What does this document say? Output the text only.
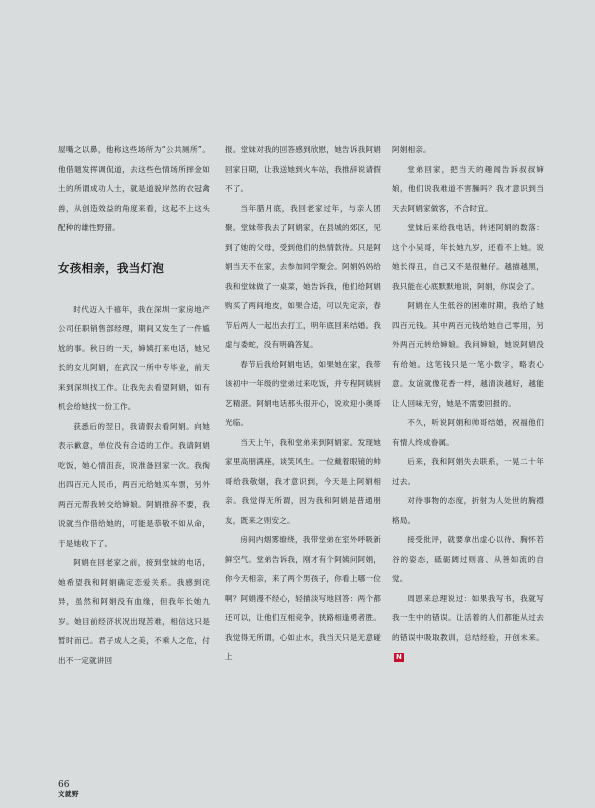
屋嘴之以鼻，他称这些场所为“公共厕所”。他借题发挥调侃道，去这些色情场所摔金如土的所谓成功人士，就是道貌岸然的衣冠禽兽，从创造效益的角度来看，这起不上这头配种的雄性野猪。

女孩相亲，我当灯泡

时代迈入千禧年，我在深圳一家房地产公司任职销售部经理，期间又发生了一件尴尬的事。秋日的一天，婶姨打来电话，她兄长的女儿阿娟，在武汉一所中专毕业，前天来到深圳找工作。让我先去看望阿娟，如有机会给她找一份工作。

获悉后的翌日，我请假去看阿娟。向她表示歉意，单位没有合适的工作。我请阿娟吃饭，她心情沮丧，说准备回家一次。我掏出四百元人民币，两百元给她买车票，另外两百元帮我转交给婶娘。阿娟推辞不要，我说就当作借给她的，可能是恭敬不如从命，于是她收下了。

阿娟在回老家之前，接到堂妹的电话，她希望我和阿娟确定恋爱关系。我感到诧异，虽然和阿娟没有血缘，但我年长她九岁。她目前经济状况出现苦难，相信这只是暂时而已。君子成人之美，不乘人之危，付出不一定就讲回

报。堂妹对我的回答感到欣慰，她告诉我阿娟回家日期，让我送她到火车站，我推辞说请假不了。

当年腊月底，我回老家过年，与亲人团聚。堂妹带我去了阿娟家，在县城的郊区，见到了她的父母，受到他们的热情款待。只是阿娟当天不在家，去参加同学聚会。阿娟妈妈给我和堂妹做了一桌菜，她告诉我，他们给阿娟购买了两间地皮，如果合适，可以先定亲，春节后两人一起出去打工，明年底回来结婚。我虚与委蛇，没有明确答复。

春节后我给阿娟电话，如果她在家，我带该初中一年级的堂弟过来吃饭，并专程阿姨厨艺精湛。阿娟电话那头很开心，说欢迎小奥哥光临。

当天上午，我和堂弟来到阿娟家。发现她家里高朋满座，谈笑风生。一位戴着眼镜的帅哥给我敬烟，我才意识到，今天是上阿娟相亲。我觉得无所谓，因为我和阿娟是普通朋友，既来之则安之。

房间内烟雾缭绕，我带堂弟在室外呼吸新鲜空气。堂弟告诉我，刚才有个阿姨问阿娟，你今天相亲，来了两个男孩子，你看上哪一位啊？阿娟漫不经心，轻描淡写地回答：两个都还可以，让他们互相竞争，狭路相逢勇者胜。我觉得无所谓，心如止水，我当天只是无意碰上

阿娟相亲。

堂弟回家，把当天的趣闻告诉叔叔婶娘，他们说我难道不害臊吗？我才意识到当天去阿娟家做客，不合时宜。

堂妹后来给我电话，转述阿娟的数落：这个小吴哥，年长她九岁，还看不上她。说她长得丑，自己又不是很魅仔。越描越黑，我只能在心底默默地说，阿娟，你误会了。

阿娟在人生低谷的困难时期，我给了她四百元钱。其中两百元钱给她自己零用，另外两百元转给婶娘。我问婶娘，她说阿娟没有给她。这笔钱只是一笔小数字，略表心意。友谊就像花香一样，越清淡越好，越能让人回味无穷，她是不需要回报的。

不久，听说阿娟和帅哥结婚，祝福他们有情人终成眷属。

后来，我和阿娟失去联系，一晃二十年过去。

对待事物的态度，折射为人处世的胸襟格局。

接受批评，就要拿出虚心以待、胸怀若谷的姿态，砥砺阔过则喜、从善如流的自觉。

周恩来总理说过：如果我写书，我就写我一生中的错误。让活着的人们都能从过去的错误中吸取教训，总结经验，开创未来。N

66
文就野
